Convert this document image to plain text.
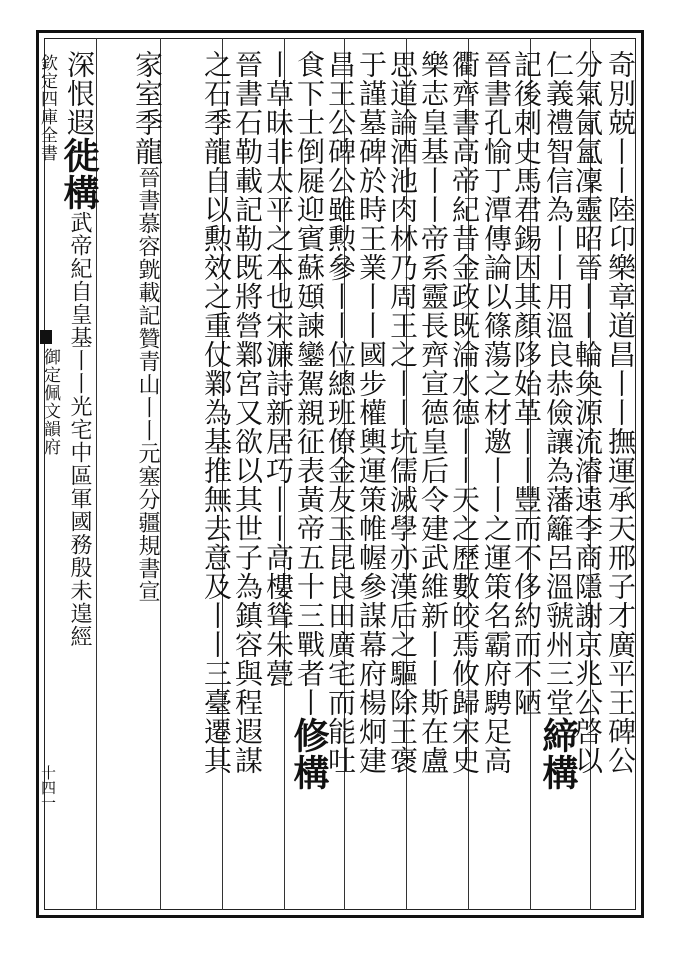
欽定四庫全書
御定佩文韻府
十四一
奇別兢丨丨陸卬樂章道昌丨丨撫運承天邢子才廣平王碑公
分氣氤氳凜靈昭晉丨丨輪奐源流濬遠李商隱謝京兆公啓以
仁義禮智信為丨丨用溫良恭儉讓為藩籬呂溫虢州三堂締構
記後刺史馬君錫因其顏陊始革丨丨豐而不侈約而不陋
晉書孔愉丁潭傳論以篠蕩之材邀丨丨之運策名霸府騁足高
衢齊書高帝紀昔金政既淪水德丨丨天之歷數皎焉攸歸宋史
樂志皇基丨丨帝系靈長齊宣德皇后令建武維新丨丨斯在盧
思道論酒池肉林乃周王之丨丨坑儒滅學亦漢后之驅除王褒
于謹墓碑於時王業丨丨國步權輿運策帷幄參謀幕府楊炯建
昌王公碑公雖勲參丨丨位總班僚金友玉昆良田廣宅而能吐
食下士倒屣迎賓蘇頲諫鑾駕親征表黃帝五十三戰者丨修構
丨草昧非太平之本也宋濂詩新居巧丨丨高樓聳朱甍
晉書石勒載記勒既將營鄴宮又欲以其世子為鎮容與程遐謀
之石季龍自以勲效之重仗鄴為基推無去意及丨丨三臺遷其
家室季龍晉書慕容皝載記贊青山丨丨元塞分疆規書宣
深恨遐徙構武帝紀自皇基丨丨光宅中區軍國務殷未遑經
